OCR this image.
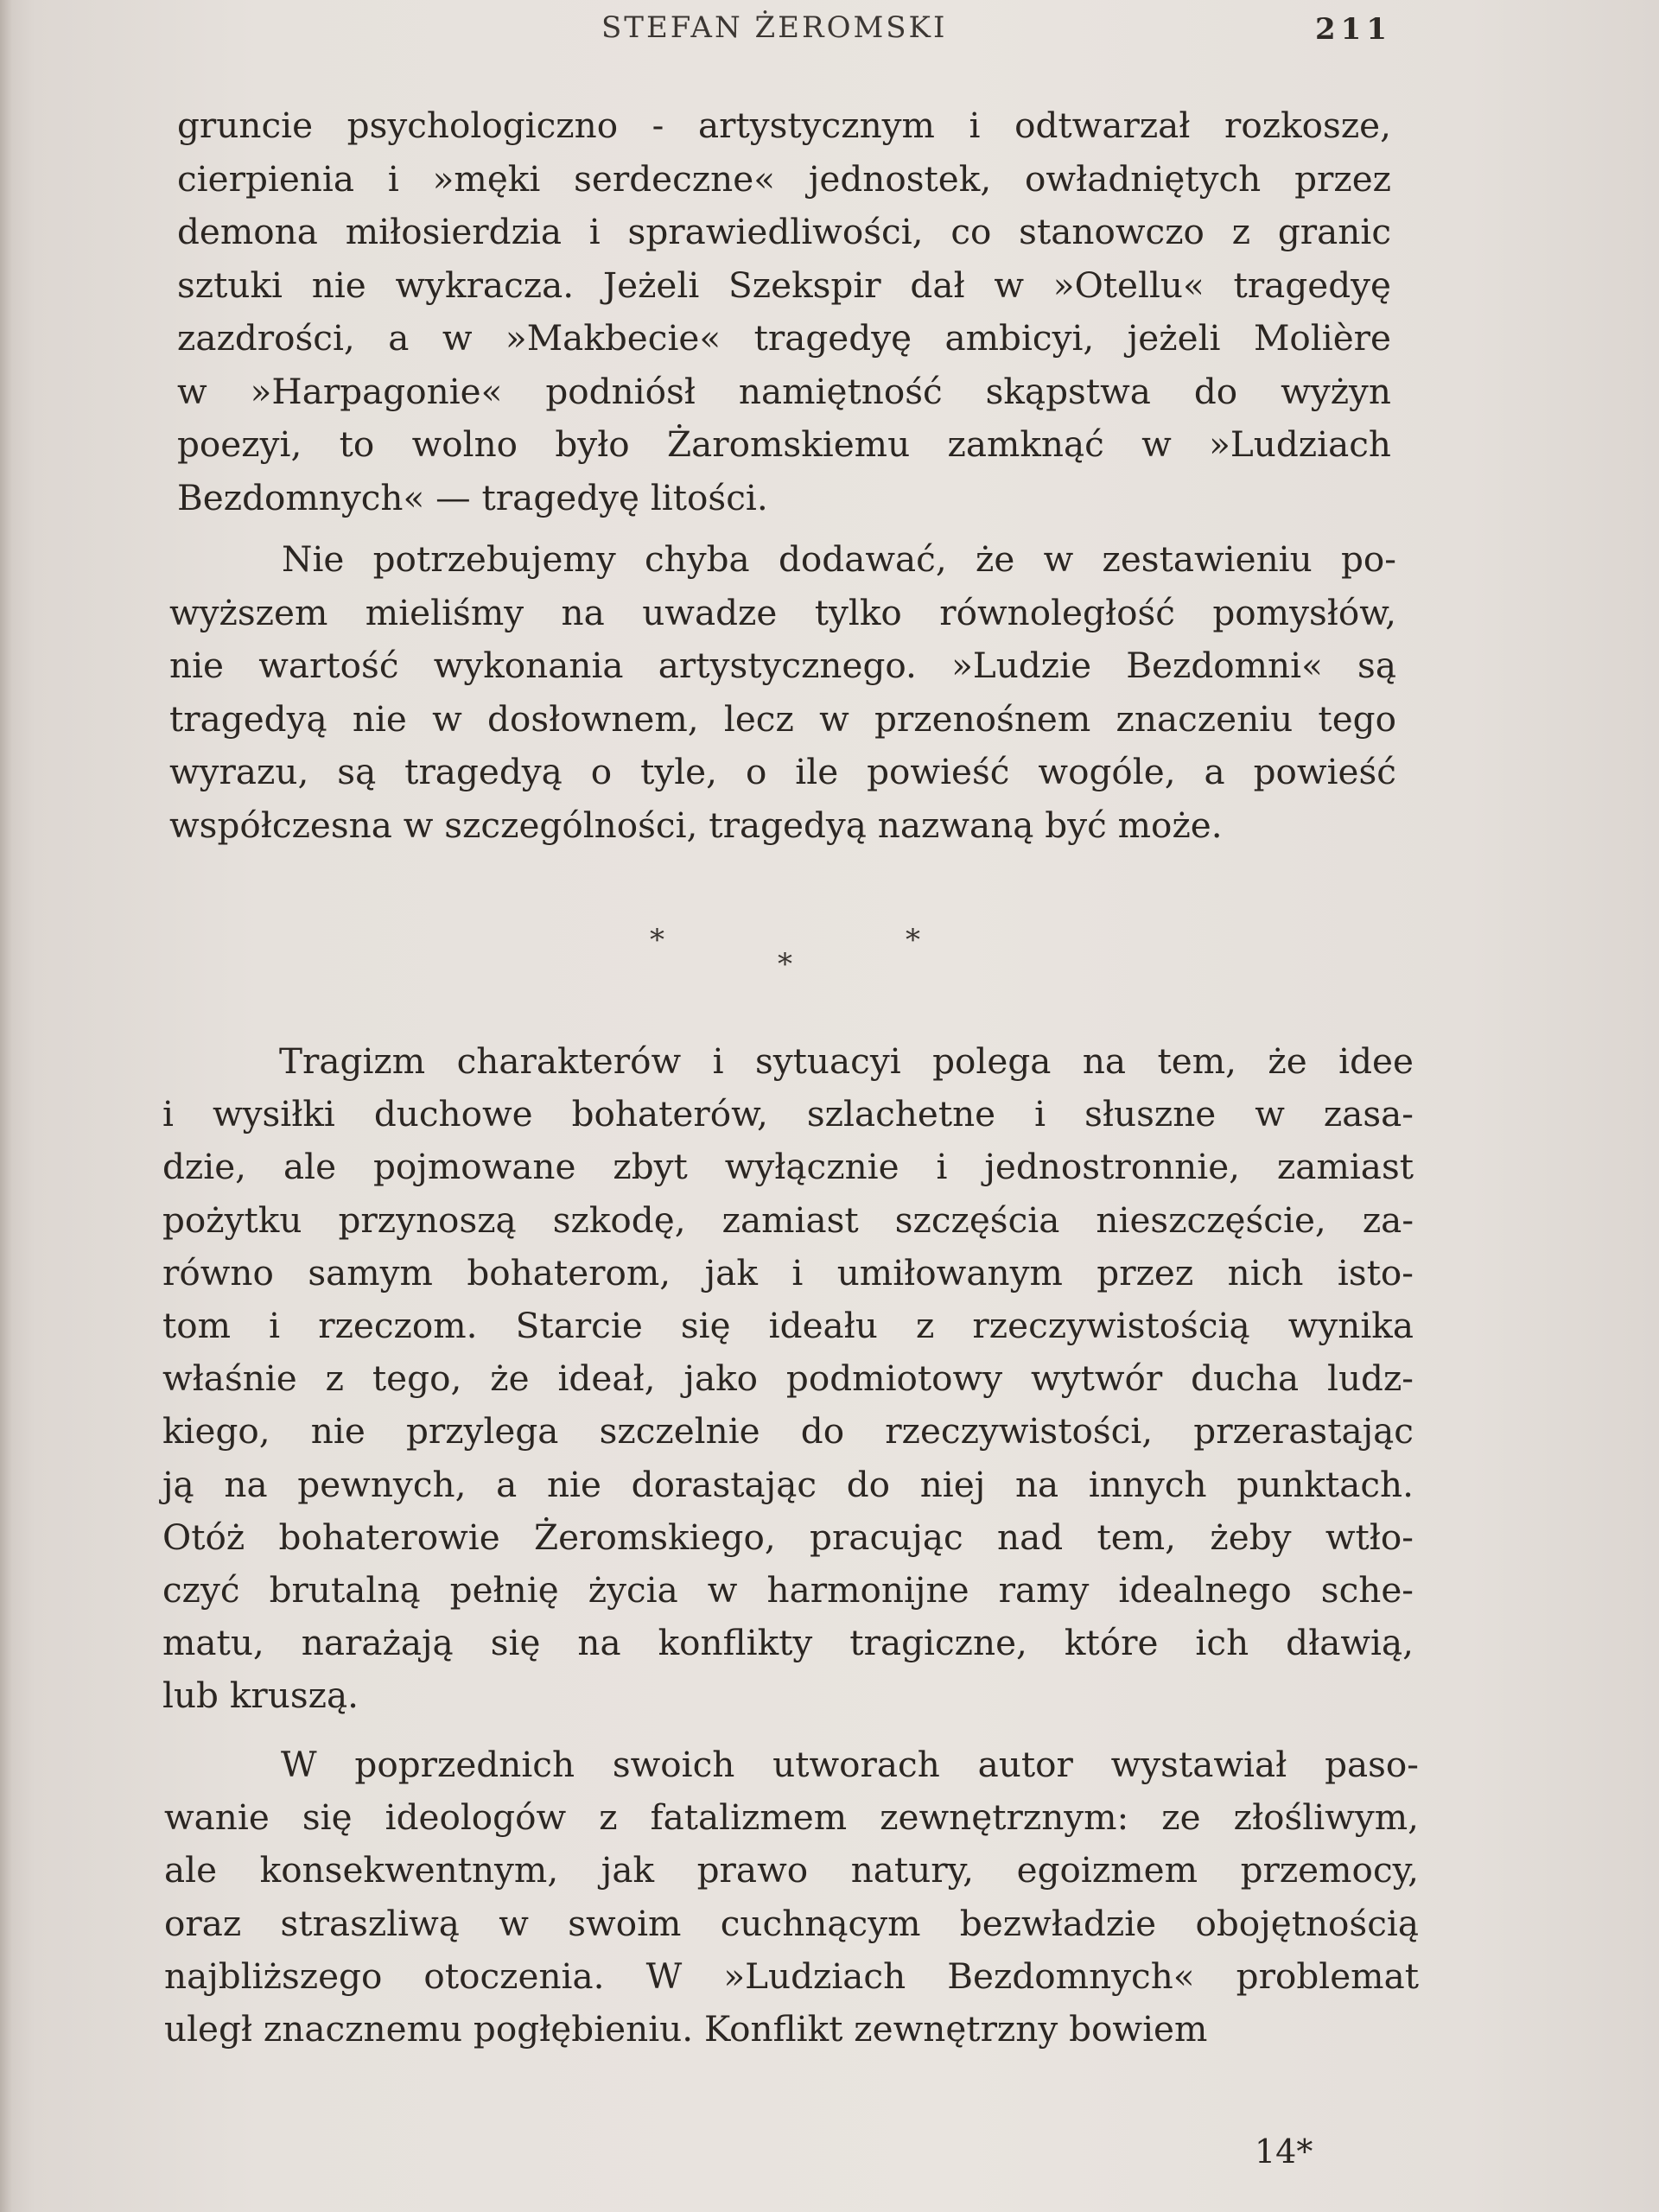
STEFAN ŻEROMSKI	211

gruncie psychologiczno - artystycznym i odtwarzał rozkosze,

cierpienia i »męki serdeczne« jednostek, owładniętych przez

demona miłosierdzia i sprawiedliwości, co stanowczo z granic

sztuki nie wykracza. Jeżeli Szekspir dał w »Otellu« tragedyę

zazdrości, a w »Makbecie« tragedyę ambicyi, jeżeli Molière

w »Harpagonie« podniósł namiętność skąpstwa do wyżyn

poezyi, to wolno było Żaromskiemu zamknąć w »Ludziach

Bezdomnych« — tragedyę litości.

Nie potrzebujemy chyba dodawać, że w zestawieniu po-

wyższem mieliśmy na uwadze tylko równoległość pomysłów,

nie wartość wykonania artystycznego. »Ludzie Bezdomni« są

tragedyą nie w dosłownem, lecz w przenośnem znaczeniu tego

wyrazu, są tragedyą o tyle, o ile powieść wogóle, a powieść

współczesna w szczególności, tragedyą nazwaną być może.

Tragizm charakterów i sytuacyi polega na tem, że idee

i wysiłki duchowe bohaterów, szlachetne i słuszne w zasa-

dzie, ale pojmowane zbyt wyłącznie i jednostronnie, zamiast

pożytku przynoszą szkodę, zamiast szczęścia nieszczęście, za-

równo samym bohaterom, jak i umiłowanym przez nich isto-

tom i rzeczom. Starcie się ideału z rzeczywistością wynika

właśnie z tego, że ideał, jako podmiotowy wytwór ducha ludz-

kiego, nie przylega szczelnie do rzeczywistości, przerastając

ją na pewnych, a nie dorastając do niej na innych punktach.

Otóż bohaterowie Żeromskiego, pracując nad tem, żeby wtło-

czyć brutalną pełnię życia w harmonijne ramy idealnego sche-

matu, narażają się na konflikty tragiczne, które ich dławią,

lub kruszą.

W poprzednich swoich utworach autor wystawiał paso-

wanie się ideologów z fatalizmem zewnętrznym: ze złośliwym,

ale konsekwentnym, jak prawo natury, egoizmem przemocy,

oraz straszliwą w swoim cuchnącym bezwładzie obojętnością

najbliższego otoczenia. W »Ludziach Bezdomnych« problemat

uległ znacznemu pogłębieniu. Konflikt zewnętrzny bowiem

*
*
*
14*
